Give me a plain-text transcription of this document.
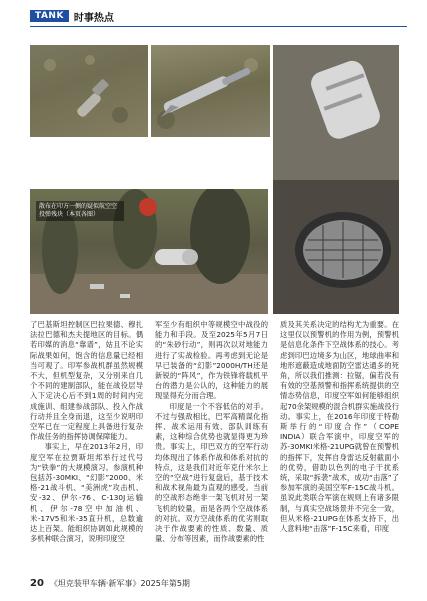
TANK	时事热点
散布在印方一侧的疑似航空空投弹残块（本页各图）

了巴基斯坦控制区巴拉果德、穆扎法拉巴德和杰夫提地区的目标。偶若印媒的消息“靠谱”，姑且不论实际战果如何，饱含的信息量已经相当可观了。印军参战机群虽然规模不大，但机型复杂，又分别来自几个不同的建制部队，能在战役层导入下定决心后不到1周的时间内完成施训、组建参战部队、投入作战行动并且全身而退，这至少说明印空军已在一定程度上具备进行复杂作战任务的指挥协调保障能力。

事实上，早在2013年2月，印度空军在拉贾斯坦邦举行过代号为“铁拳”的大规模演习。参演机种包括苏-30MKI、“幻影”2000、米格-21战斗机、“美洲虎”攻击机、安-32、伊尔-76、C-130J运输机、伊尔-78空中加油机、米-17V5和米-35直升机，总数逾达上百架。能组织协调如此规模的多机种联合演习，说明印度空

军至少有组织中等规模空中战役的能力和手段。及至2025年5月7日的“朱砂行动”，则再次以对地能力进行了实战检验。再考虑到无论是早已装备的“幻影”2000H/TH还是新锐的“阵风”，作为铁锋将载机平台的潜力是公认的，这种能力的展现显得充分而合理。

印度是一个不容低估的对手。不过与强敌相比，巴军高精谋化指挥、战术运用有效、部队训练有素，这种综合优势也就显得更为珍贵。事实上，印巴双方的空军行动均体现出了体系作战和体系对抗的特点，这是我们对近年克什米尔上空的“空战”进行复盘后，基于技术和战术视角最为直观的感受。当前的空战形态绝非一架飞机对另一架飞机的较量，而是各两个空战体系的对抗。双方空战体系的优劣则取决于作战要素的性质、数量、质量、分布等因素，而作战要素的性

质及其关系决定的结构尤为重要。在这里仅以预警机的作用为例，预警机是信息化条件下空战体系的技心。考虑到印巴边境多为山区，地球曲率和地形遮蔽造成地面防空雷达通多的死角，所以我们推测：拉锯，偏若没有有效的空基预警和指挥系统提供的空情态势信息，印度空军如何能够组织起70余架规模的混合机群实施战役行动。事实上，在2016年印度于特勒斯举行的“印度合作”（COPE INDIA）联合军演中，印度空军的苏-30MKI米格-21UPG就曾在预警机的指挥下，发挥自身雷达反射截面小的优势，借助以色列的电子干扰系统，采取“拆袭”战术，成功“击落”了参加军演的美国空军F-15C战斗机。虽说此类联合军演在规则上有诸多限制，与真实空战场景并不完全一致，但从米格-21UPG在体系支持下，出人意料地“击落”F-15C来看，印度

20 《坦克装甲车辆·新军事》2025年第5期
